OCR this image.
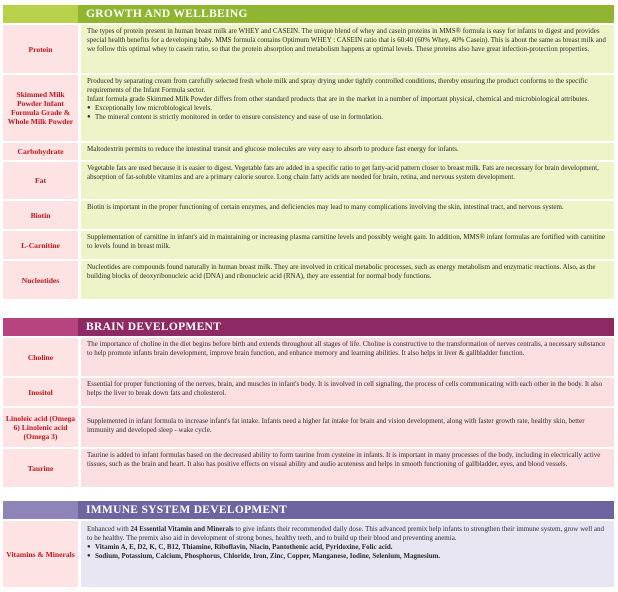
GROWTH AND WELLBEING
Protein
The types of protein present in human breast milk are WHEY and CASEIN. The unique blend of whey and casein proteins in MMS® formula is easy for infants to digest and provides special health benefits for a developing baby. MMS formula contains Optimum WHEY : CASEIN ratio that is 60:40 (60% Whey, 40% Casein). This is about the same as breast milk and we follow this optimal whey to casein ratio, so that the protein absorption and metabolism happens at optimal levels. These proteins also have great infection-protection properties.
Skimmed Milk Powder Infant Formula Grade & Whole Milk Powder
Produced by separating cream from carefully selected fresh whole milk and spray drying under tightly controlled conditions, thereby ensuring the product conforms to the specific requirements of the Infant Formula sector.
Infant formula grade Skimmed Milk Powder differs from other standard products that are in the market in a number of important physical, chemical and microbiological attributes.
● Exceptionally low microbiological levels.
● The mineral content is strictly monitored in order to ensure consistency and ease of use in formulation.
Carbohydrate	Maltodextrin permits to reduce the intestinal transit and glucose molecules are very easy to absorb to produce fast energy for infants.
Fat
Vegetable fats are used because it is easier to digest. Vegetable fats are added in a specific ratio to get fatty-acid pattern closer to breast milk. Fats are necessary for brain development, absorption of fat-soluble vitamins and are a primary calorie source. Long chain fatty acids are needed for brain, retina, and nervous system development.
Biotin
Biotin is important in the proper functioning of certain enzymes, and deficiencies may lead to many complications involving the skin, intestinal tract, and nervous system.
L-Carnitine
Supplementation of carnitine in infant's aid in maintaining or increasing plasma carnitine levels and possibly weight gain. In addition, MMS® infant formulas are fortified with carnitine to levels found in breast milk.
Nucleotides
Nucleotides are compounds found naturally in human breast milk. They are involved in critical metabolic processes, such as energy metabolism and enzymatic reactions. Also, as the building blocks of deoxyribonucleic acid (DNA) and ribonucleic acid (RNA), they are essential for normal body functions.
BRAIN DEVELOPMENT
Choline
The importance of choline in the diet begins before birth and extends throughout all stages of life. Choline is constructive to the transformation of nerves centralis, a necessary substance to help promote infants brain development, improve brain function, and enhance memory and learning abilities. It also helps in liver & gallbladder function.
Inositol
Essential for proper functioning of the nerves, brain, and muscles in infant's body. It is involved in cell signaling, the process of cells communicating with each other in the body. It also helps the liver to break down fats and cholesterol.
Linoleic acid (Omega 6) Linolenic acid (Omega 3)
Supplemented in infant formula to increase infant's fat intake. Infants need a higher fat intake for brain and vision development, along with faster growth rate, healthy skin, better immunity and developed sleep - wake cycle.
Taurine
Taurine is added to infant formulas based on the decreased ability to form taurine from cysteine in infants. It is important in many processes of the body, including in electrically active tissues, such as the brain and heart. It also has positive effects on visual ability and audio acuteness and helps in smooth functioning of gallbladder, eyes, and blood vessels.
IMMUNE SYSTEM DEVELOPMENT
Vitamins & Minerals
Enhanced with 24 Essential Vitamin and Minerals to give infants their recommended daily dose. This advanced premix help infants to strengthen their immune system, grow well and to be healthy. The premix also aid in development of strong bones, healthy teeth, and to build up their blood and preventing anemia.
● Vitamin A, E, D2, K, C, B12, Thiamine, Riboflavin, Niacin, Pantothenic acid, Pyridoxine, Folic acid.
● Sodium, Potassium, Calcium, Phosphorus, Chloride, Iron, Zinc, Copper, Manganese, Iodine, Selenium, Magnesium.
